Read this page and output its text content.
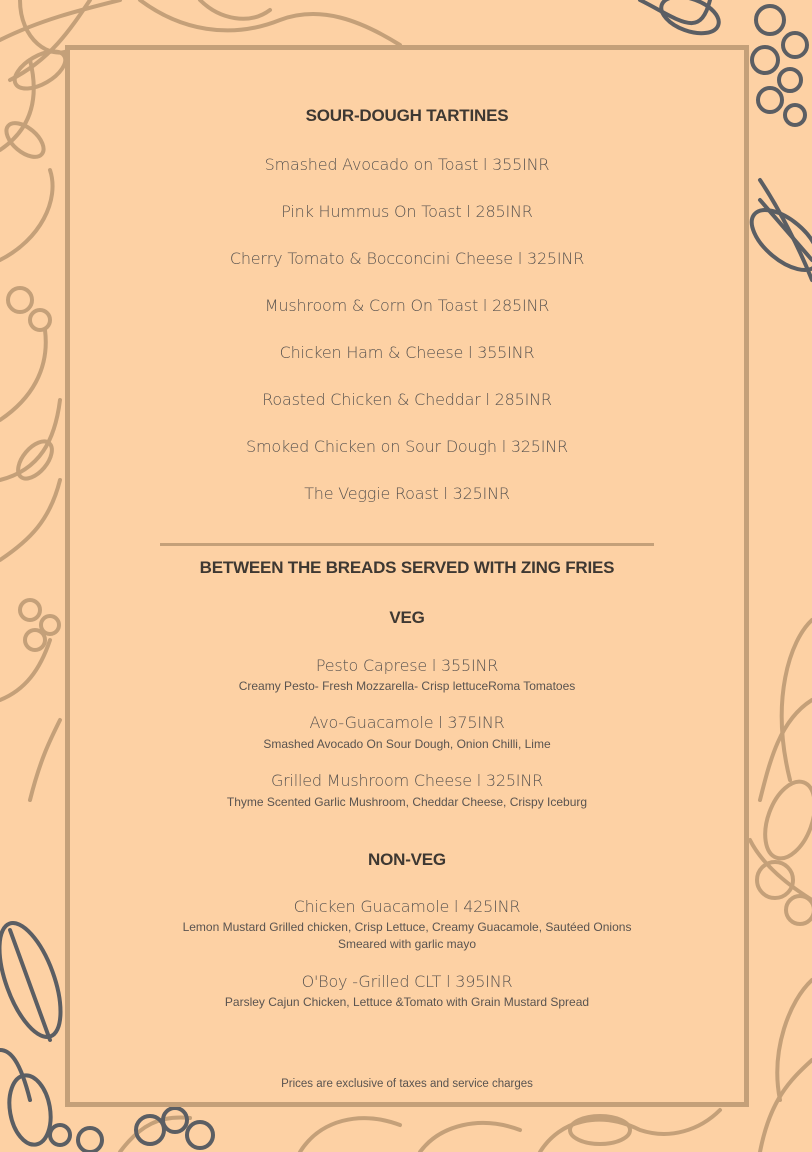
SOUR-DOUGH TARTINES
Smashed Avocado on Toast l 355INR
Pink Hummus On Toast l 285INR
Cherry Tomato & Bocconcini Cheese l 325INR
Mushroom & Corn On Toast l 285INR
Chicken Ham & Cheese l 355INR
Roasted Chicken & Cheddar l 285INR
Smoked Chicken on Sour Dough l 325INR
The Veggie Roast l 325INR
BETWEEN THE BREADS SERVED WITH ZING FRIES
VEG
Pesto Caprese l 355INR
Creamy Pesto- Fresh Mozzarella- Crisp lettuceRoma Tomatoes
Avo-Guacamole l 375INR
Smashed Avocado On Sour Dough, Onion Chilli, Lime
Grilled Mushroom Cheese l 325INR
Thyme Scented Garlic Mushroom, Cheddar Cheese, Crispy Iceburg
NON-VEG
Chicken Guacamole l 425INR
Lemon Mustard Grilled chicken, Crisp Lettuce, Creamy Guacamole, Sautéed Onions
Smeared with garlic mayo
O'Boy -Grilled CLT l 395INR
Parsley Cajun Chicken, Lettuce &Tomato with Grain Mustard Spread
Prices are exclusive of taxes and service charges
